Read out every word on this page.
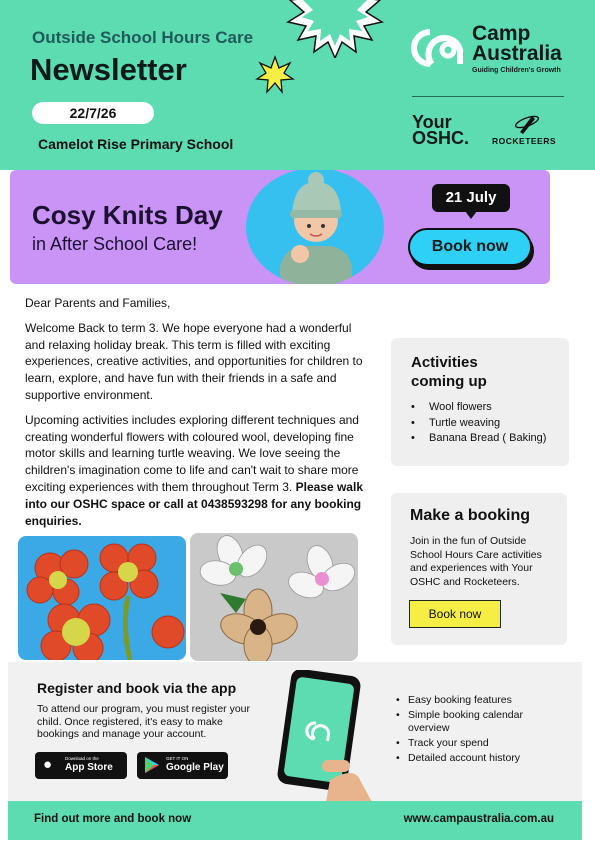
Outside School Hours Care
Newsletter
22/7/26
Camelot Rise Primary School
Camp
Australia
Guiding Children's Growth
Your
OSHC.	ROCKETEERS
Cosy Knits Day
in After School Care!
21 July
Book now

Dear Parents and Families,

Welcome Back to term 3. We hope everyone had a wonderful and relaxing holiday break. This term is filled with exciting experiences, creative activities, and opportunities for children to learn, explore, and have fun with their friends in a safe and supportive environment.

Upcoming activities includes exploring different techniques and creating wonderful flowers with coloured wool, developing fine motor skills and learning turtle weaving. We love seeing the children's imagination come to life and can't wait to share more exciting experiences with them throughout Term 3. Please walk into our OSHC space or call at 0438593298 for any booking enquiries.

Activities coming up
• Wool flowers
• Turtle weaving
• Banana Bread ( Baking)
Make a booking
Join in the fun of Outside School Hours Care activities and experiences with Your OSHC and Rocketeers.
Book now
Register and book via the app
To attend our program, you must register your child. Once registered, it's easy to make bookings and manage your account.
●	Download on the
App Store
GET IT ON
Google Play
• Easy booking features
• Simple booking calendar overview
• Track your spend
• Detailed account history
Find out more and book now	www.campaustralia.com.au
